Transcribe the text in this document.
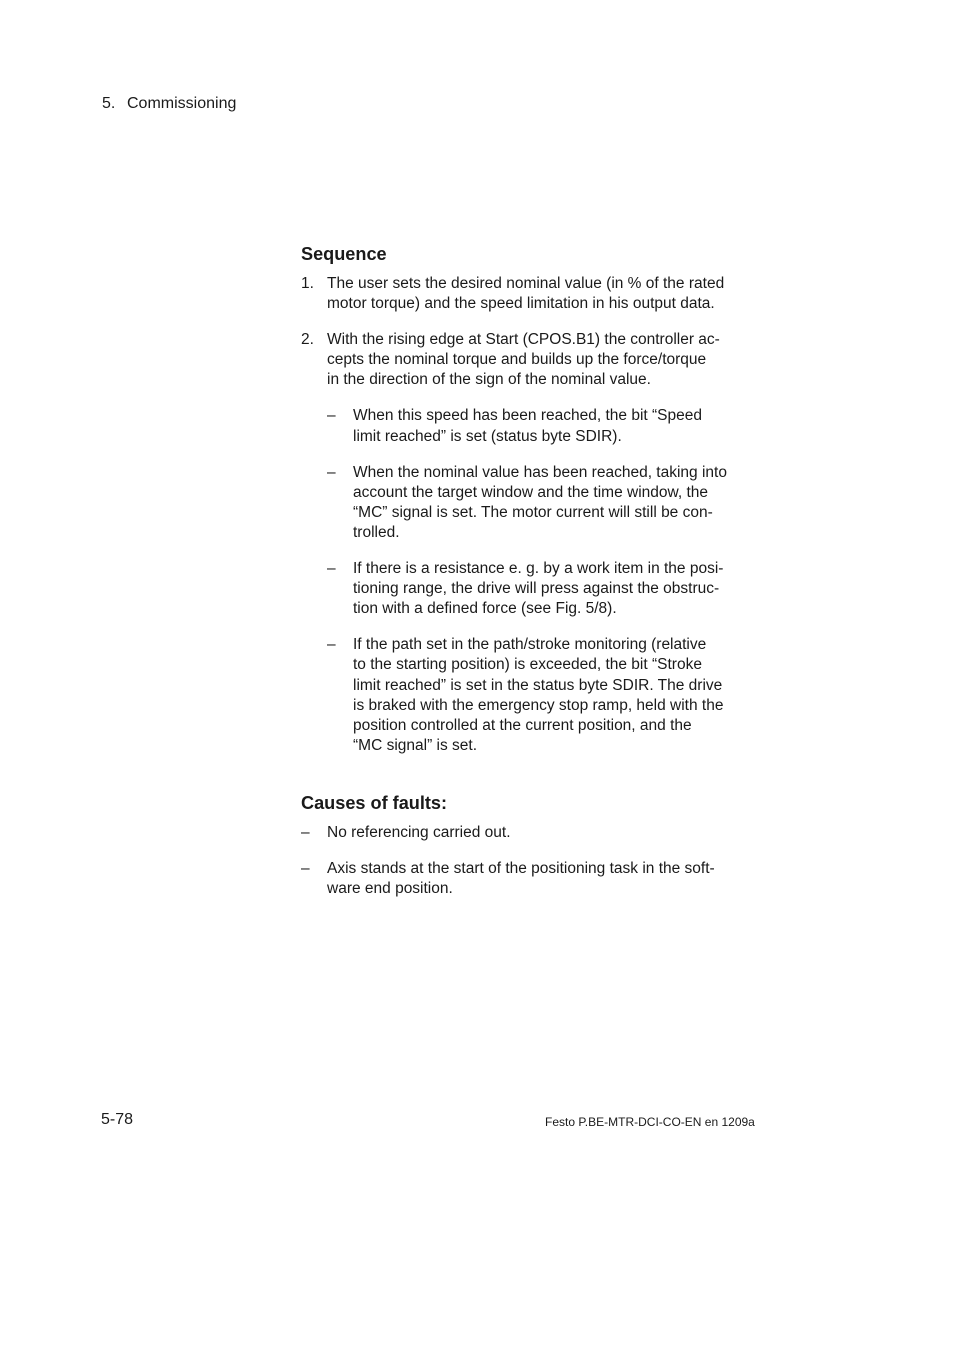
5. Commissioning
Sequence
1. The user sets the desired nominal value (in % of the rated
motor torque) and the speed limitation in his output data.
2. With the rising edge at Start (CPOS.B1) the controller ac-
cepts the nominal torque and builds up the force/torque
in the direction of the sign of the nominal value.
–	When this speed has been reached, the bit “Speed
limit reached” is set (status byte SDIR).
–	When the nominal value has been reached, taking into
account the target window and the time window, the
“MC” signal is set. The motor current will still be con-
trolled.
–	If there is a resistance e. g. by a work item in the posi-
tioning range, the drive will press against the obstruc-
tion with a defined force (see Fig. 5/8).
–	If the path set in the path/stroke monitoring (relative
to the starting position) is exceeded, the bit “Stroke
limit reached” is set in the status byte SDIR. The drive
is braked with the emergency stop ramp, held with the
position controlled at the current position, and the
“MC signal” is set.
Causes of faults:
–	No referencing carried out.
–	Axis stands at the start of the positioning task in the soft-
ware end position.
5-78	Festo P.BE-MTR-DCI-CO-EN en 1209a
